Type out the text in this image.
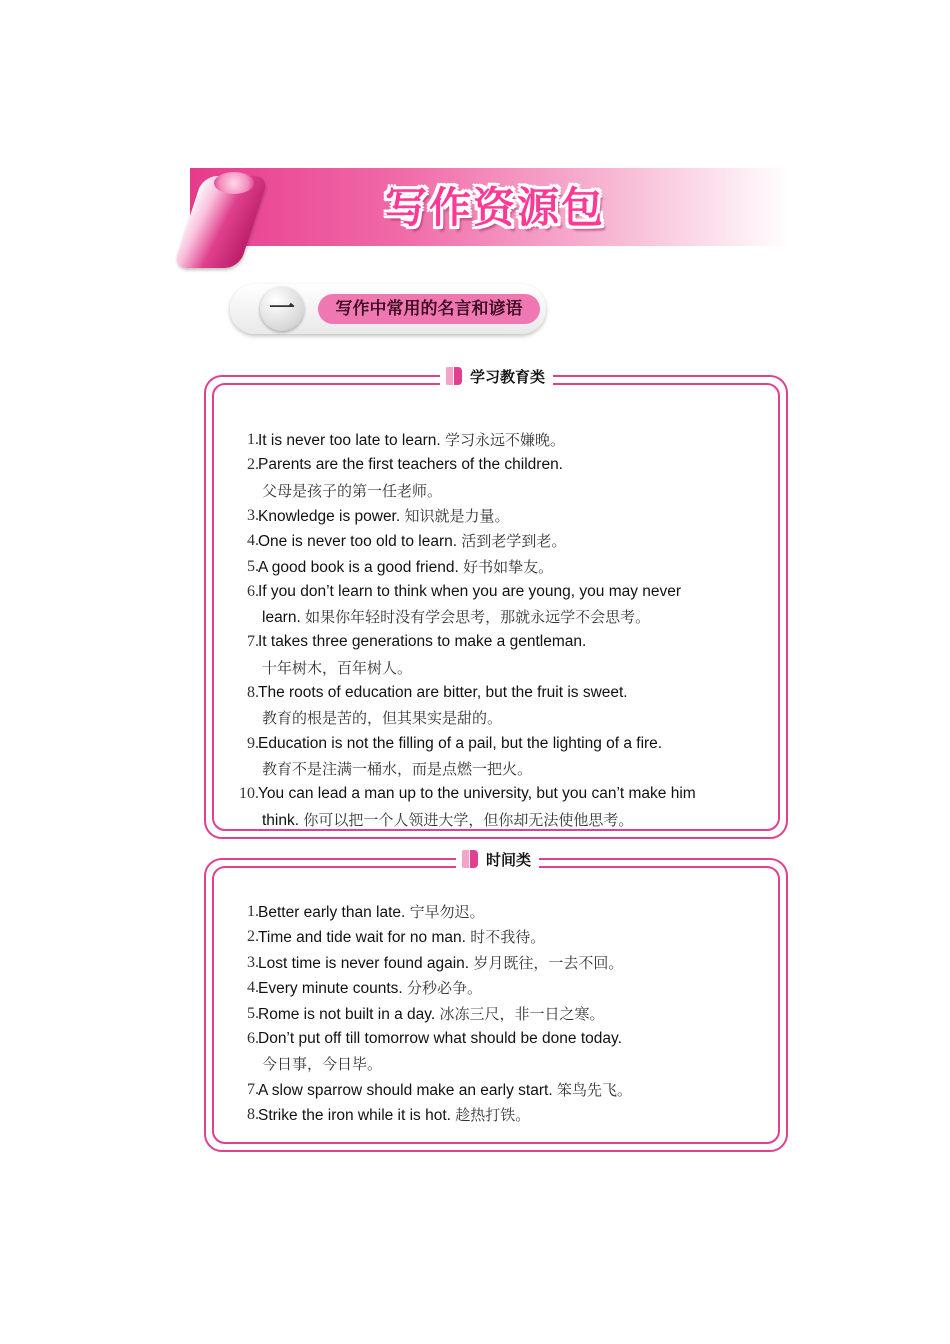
写作资源包
一	写作中常用的名言和谚语
学习教育类
1. It is never too late to learn. 学习永远不嫌晚。
2. Parents are the first teachers of the children.
父母是孩子的第一任老师。
3. Knowledge is power. 知识就是力量。
4. One is never too old to learn. 活到老学到老。
5. A good book is a good friend. 好书如挚友。
6. If you don’t learn to think when you are young, you may never
learn. 如果你年轻时没有学会思考，那就永远学不会思考。
7. It takes three generations to make a gentleman.
十年树木，百年树人。
8. The roots of education are bitter, but the fruit is sweet.
教育的根是苦的，但其果实是甜的。
9. Education is not the filling of a pail, but the lighting of a fire.
教育不是注满一桶水，而是点燃一把火。
10. You can lead a man up to the university, but you can’t make him
think. 你可以把一个人领进大学，但你却无法使他思考。
时间类
1. Better early than late. 宁早勿迟。
2. Time and tide wait for no man. 时不我待。
3. Lost time is never found again. 岁月既往，一去不回。
4. Every minute counts. 分秒必争。
5. Rome is not built in a day. 冰冻三尺，非一日之寒。
6. Don’t put off till tomorrow what should be done today.
今日事，今日毕。
7. A slow sparrow should make an early start. 笨鸟先飞。
8. Strike the iron while it is hot. 趁热打铁。
